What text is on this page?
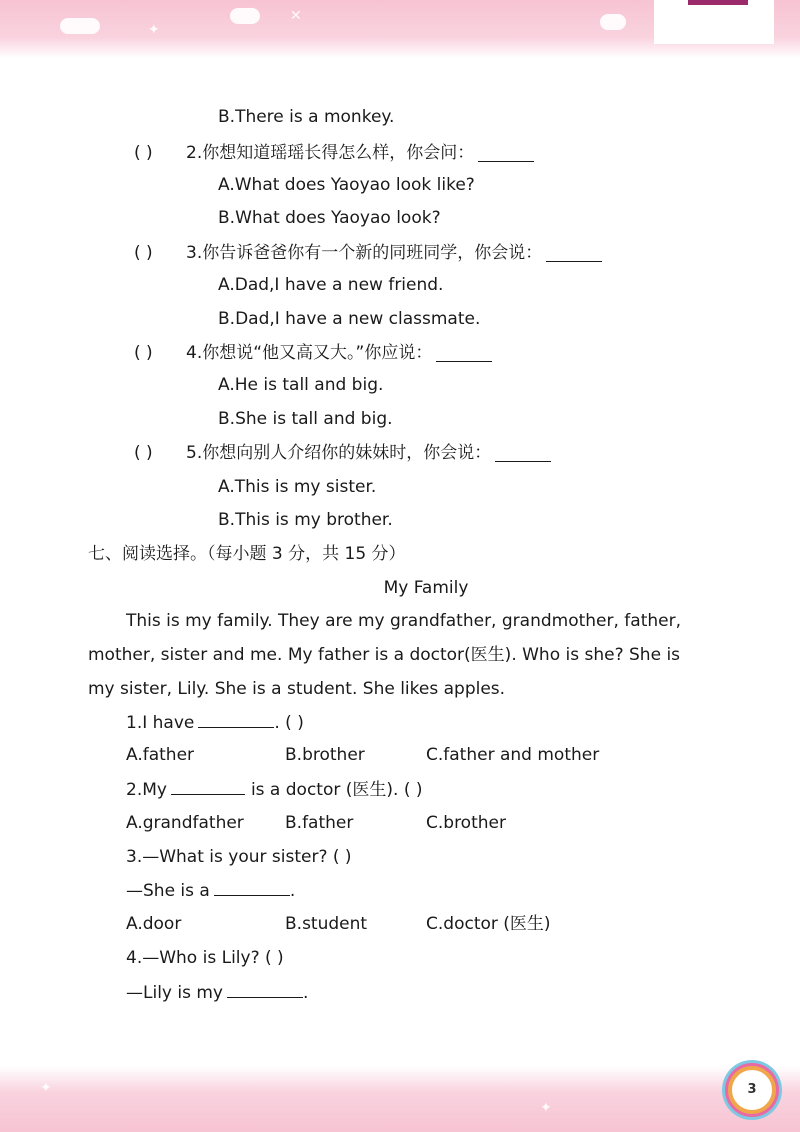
✦
✕
✦
✦
3
B.There is a monkey.
( )	2.你想知道瑶瑶长得怎么样，你会问：
A.What does Yaoyao look like?
B.What does Yaoyao look?
( )	3.你告诉爸爸你有一个新的同班同学，你会说：
A.Dad,I have a new friend.
B.Dad,I have a new classmate.
( )	4.你想说“他又高又大。”你应说：
A.He is tall and big.
B.She is tall and big.
( )	5.你想向别人介绍你的妹妹时，你会说：
A.This is my sister.
B.This is my brother.
七、阅读选择。（每小题 3 分，共 15 分）
My Family
This is my family. They are my grandfather, grandmother, father,
mother, sister and me. My father is a doctor(医生). Who is she? She is
my sister, Lily. She is a student. She likes apples.
1.I have	. ( )
A.father	B.brother	C.father and mother
2.My	is a doctor (医生). ( )
A.grandfather B.father	C.brother
3.—What is your sister? ( )
—She is a	.
A.door	B.student	C.doctor (医生)
4.—Who is Lily? ( )
—Lily is my	.
